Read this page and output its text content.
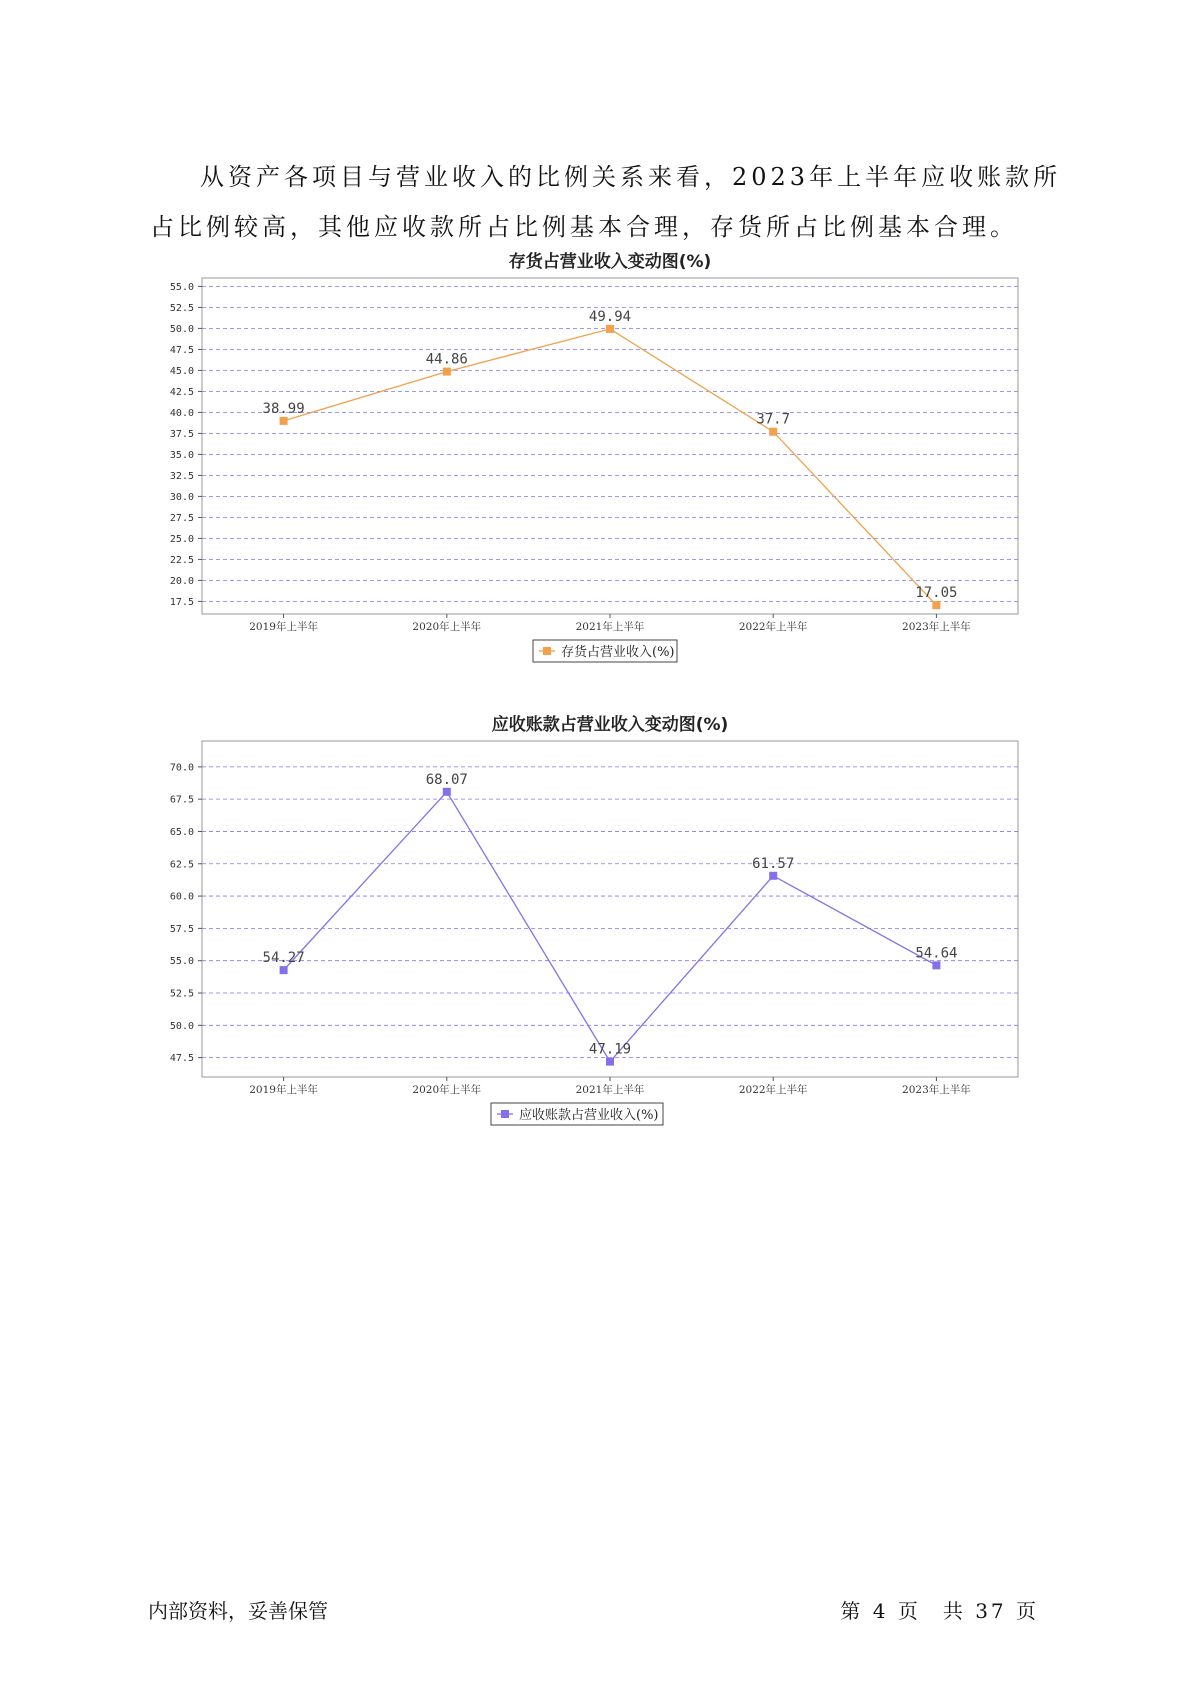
从资产各项目与营业收入的比例关系来看，2023年上半年应收账款所
占比例较高，其他应收款所占比例基本合理，存货所占比例基本合理。
存货占营业收入变动图(%)
17.5
20.0
22.5
25.0
27.5
30.0
32.5
35.0
37.5
40.0
42.5
45.0
47.5
50.0
52.5
55.0
2019年上半年	2020年上半年	2021年上半年	2022年上半年	2023年上半年
38.99
44.86
49.94
37.7
17.05
存货占营业收入(%)
应收账款占营业收入变动图(%)
47.5
50.0
52.5
55.0
57.5
60.0
62.5
65.0
67.5
70.0
2019年上半年	2020年上半年	2021年上半年	2022年上半年	2023年上半年
54.27
68.07
47.19
61.57
54.64
应收账款占营业收入(%)
内部资料，妥善保管	第 4 页 共 37 页
